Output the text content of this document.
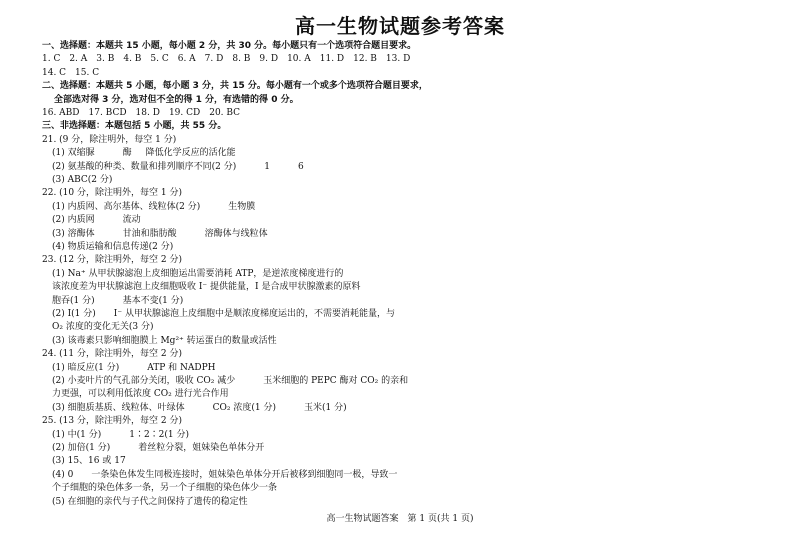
高一生物试题参考答案
一、选择题：本题共 15 小题，每小题 2 分，共 30 分。每小题只有一个选项符合题目要求。
1. C　2. A　3. B　4. B　5. C　6. A　7. D　8. B　9. D　10. A　11. D　12. B　13. D
14. C　15. C
二、选择题：本题共 5 小题，每小题 3 分，共 15 分。每小题有一个或多个选项符合题目要求，
全部选对得 3 分，选对但不全的得 1 分，有选错的得 0 分。
16. ABD　17. BCD　18. D　19. CD　20. BC
三、非选择题：本题包括 5 小题，共 55 分。
21. (9 分，除注明外，每空 1 分)
(1) 双缩脲	酶 降低化学反应的活化能
(2) 氨基酸的种类、数量和排列顺序不同(2 分)	1	6
(3) ABC(2 分)
22. (10 分，除注明外，每空 1 分)
(1) 内质网、高尔基体、线粒体(2 分)	生物膜
(2) 内质网	流动
(3) 溶酶体	甘油和脂肪酸	溶酶体与线粒体
(4) 物质运输和信息传递(2 分)
23. (12 分，除注明外，每空 2 分)
(1) Na⁺ 从甲状腺滤泡上皮细胞运出需要消耗 ATP，是逆浓度梯度进行的
该浓度差为甲状腺滤泡上皮细胞吸收 I⁻ 提供能量，I 是合成甲状腺激素的原料
胞吞(1 分)	基本不变(1 分)
(2) I(1 分)　　I⁻ 从甲状腺滤泡上皮细胞中是顺浓度梯度运出的，不需要消耗能量，与
O₂ 浓度的变化无关(3 分)
(3) 该毒素只影响细胞膜上 Mg²⁺ 转运蛋白的数量或活性
24. (11 分，除注明外，每空 2 分)
(1) 暗反应(1 分)	ATP 和 NADPH
(2) 小麦叶片的气孔部分关闭，吸收 CO₂ 减少	玉米细胞的 PEPC 酶对 CO₂ 的亲和
力更强，可以利用低浓度 CO₂ 进行光合作用
(3) 细胞质基质、线粒体、叶绿体	CO₂ 浓度(1 分)	玉米(1 分)
25. (13 分，除注明外，每空 2 分)
(1) 中(1 分)	1∶2∶2(1 分)
(2) 加倍(1 分)	着丝粒分裂，姐妹染色单体分开
(3) 15、16 或 17
(4) 0　　一条染色体发生同极连接时，姐妹染色单体分开后被移到细胞同一极，导致一
个子细胞的染色体多一条，另一个子细胞的染色体少一条
(5) 在细胞的亲代与子代之间保持了遗传的稳定性
高一生物试题答案　第 1 页(共 1 页)
